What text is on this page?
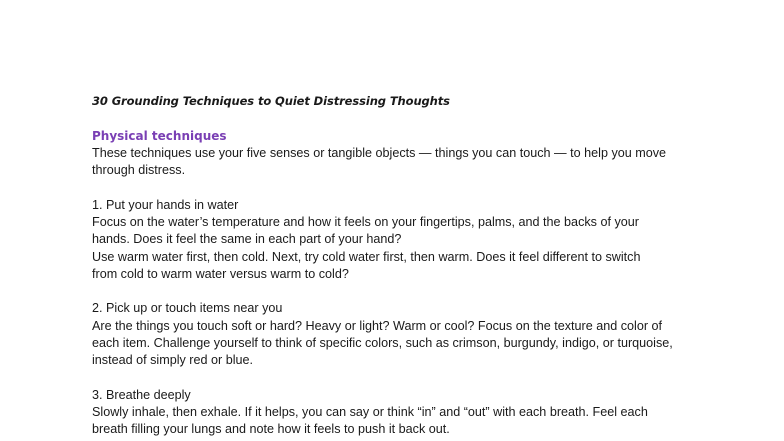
30 Grounding Techniques to Quiet Distressing Thoughts
Physical techniques
These techniques use your five senses or tangible objects — things you can touch — to help you move
through distress.
1. Put your hands in water
Focus on the water’s temperature and how it feels on your fingertips, palms, and the backs of your
hands. Does it feel the same in each part of your hand?
Use warm water first, then cold. Next, try cold water first, then warm. Does it feel different to switch
from cold to warm water versus warm to cold?
2. Pick up or touch items near you
Are the things you touch soft or hard? Heavy or light? Warm or cool? Focus on the texture and color of
each item. Challenge yourself to think of specific colors, such as crimson, burgundy, indigo, or turquoise,
instead of simply red or blue.
3. Breathe deeply
Slowly inhale, then exhale. If it helps, you can say or think “in” and “out” with each breath. Feel each
breath filling your lungs and note how it feels to push it back out.
